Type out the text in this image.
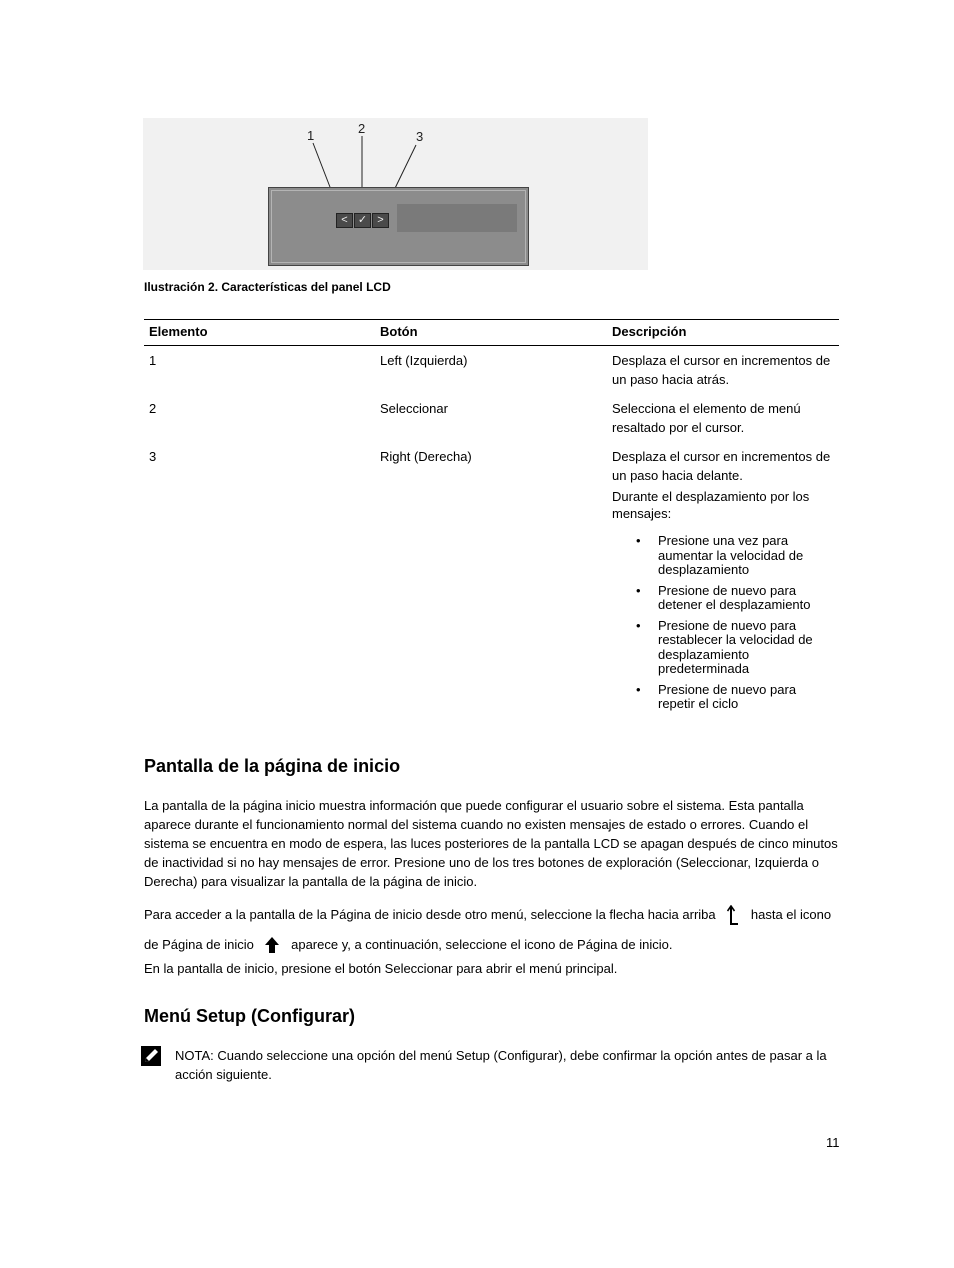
1	2
3
< ✓ >
Ilustración 2. Características del panel LCD
Elemento	Botón	Descripción
1	Left (Izquierda)	Desplaza el cursor en incrementos de
un paso hacia atrás.
2	Seleccionar	Selecciona el elemento de menú
resaltado por el cursor.
3	Right (Derecha)	Desplaza el cursor en incrementos de
un paso hacia delante.
Durante el desplazamiento por los
mensajes:
• Presione una vez para
aumentar la velocidad de
desplazamiento
• Presione de nuevo para
detener el desplazamiento
• Presione de nuevo para
restablecer la velocidad de
desplazamiento
predeterminada
• Presione de nuevo para
repetir el ciclo
Pantalla de la página de inicio
La pantalla de la página inicio muestra información que puede configurar el usuario sobre el sistema. Esta pantalla
aparece durante el funcionamiento normal del sistema cuando no existen mensajes de estado o errores. Cuando el
sistema se encuentra en modo de espera, las luces posteriores de la pantalla LCD se apagan después de cinco minutos
de inactividad si no hay mensajes de error. Presione uno de los tres botones de exploración (Seleccionar, Izquierda o
Derecha) para visualizar la pantalla de la página de inicio.
Para acceder a la pantalla de la Página de inicio desde otro menú, seleccione la flecha hacia arriba	hasta el icono
de Página de inicio	aparece y, a continuación, seleccione el icono de Página de inicio.
En la pantalla de inicio, presione el botón Seleccionar para abrir el menú principal.
Menú Setup (Configurar)
NOTA: Cuando seleccione una opción del menú Setup (Configurar), debe confirmar la opción antes de pasar a la
acción siguiente.
11
